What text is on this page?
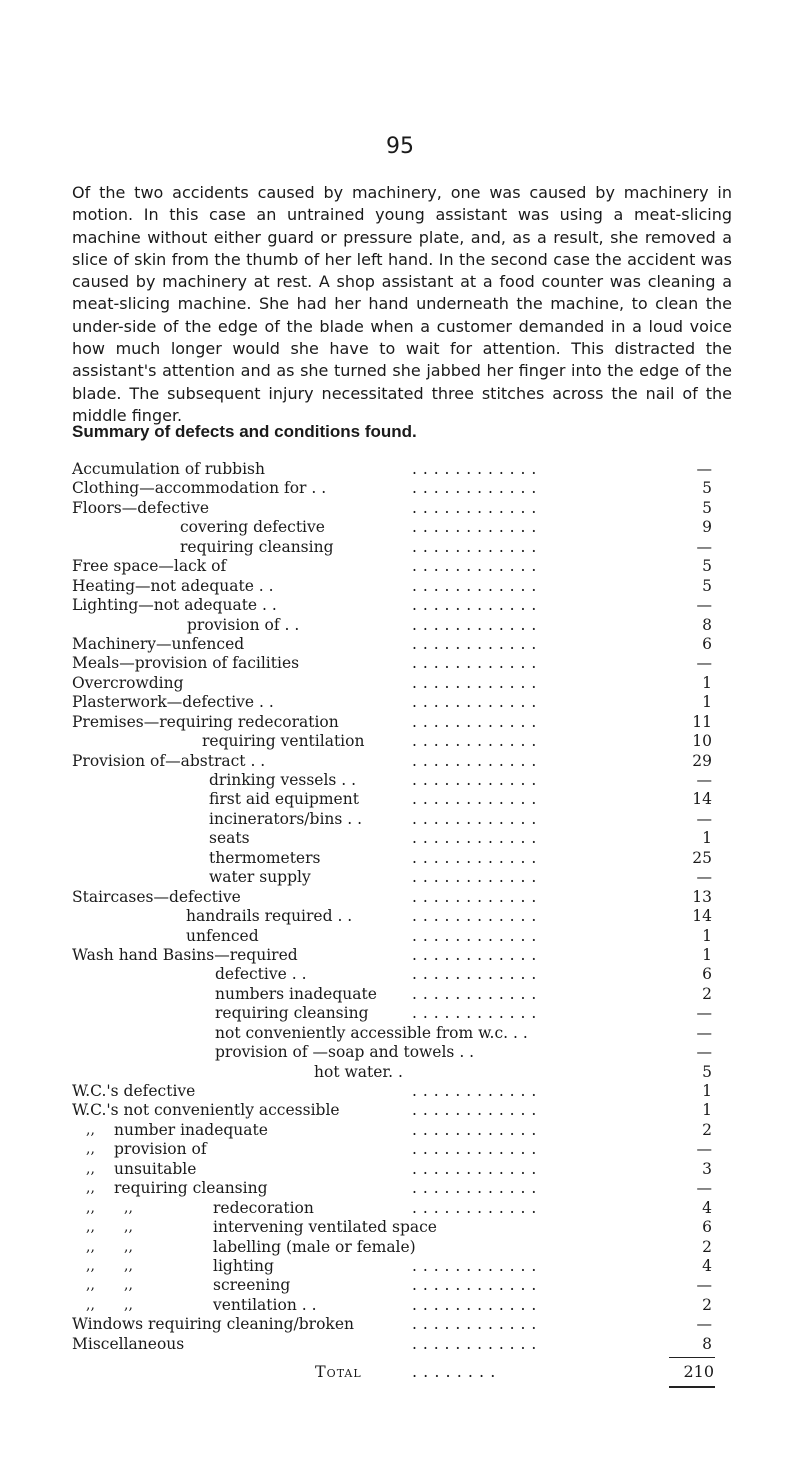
95
Of the two accidents caused by machinery, one was caused by machinery in motion. In this case an untrained young assistant was using a meat-slicing machine without either guard or pressure plate, and, as a result, she removed a slice of skin from the thumb of her left hand. In the second case the accident was caused by machinery at rest. A shop assistant at a food counter was cleaning a meat-slicing machine. She had her hand underneath the machine, to clean the under-side of the edge of the blade when a customer demanded in a loud voice how much longer would she have to wait for attention. This distracted the assistant's attention and as she turned she jabbed her finger into the edge of the blade. The subsequent injury necessitated three stitches across the nail of the middle finger.
Summary of defects and conditions found.
Accumulation of rubbish	. . . . . . . . . . . .	—
Clothing—accommodation for . .	. . . . . . . . . . . .	5
Floors—defective	. . . . . . . . . . . .	5
covering defective	. . . . . . . . . . . .	9
requiring cleansing	. . . . . . . . . . . .	—
Free space—lack of	. . . . . . . . . . . .	5
Heating—not adequate . .	. . . . . . . . . . . .	5
Lighting—not adequate . .	. . . . . . . . . . . .	—
provision of . .	. . . . . . . . . . . .	8
Machinery—unfenced	. . . . . . . . . . . .	6
Meals—provision of facilities	. . . . . . . . . . . .	—
Overcrowding	. . . . . . . . . . . .	1
Plasterwork—defective . .	. . . . . . . . . . . .	1
Premises—requiring redecoration	. . . . . . . . . . . .	11
requiring ventilation	. . . . . . . . . . . .	10
Provision of—abstract . .	. . . . . . . . . . . .	29
drinking vessels . .	. . . . . . . . . . . .	—
first aid equipment	. . . . . . . . . . . .	14
incinerators/bins . .	. . . . . . . . . . . .	—
seats	. . . . . . . . . . . .	1
thermometers	. . . . . . . . . . . .	25
water supply	. . . . . . . . . . . .	—
Staircases—defective	. . . . . . . . . . . .	13
handrails required . .	. . . . . . . . . . . .	14
unfenced	. . . . . . . . . . . .	1
Wash hand Basins—required	. . . . . . . . . . . .	1
defective . .	. . . . . . . . . . . .	6
numbers inadequate . . . . . . . . . . . .	2
requiring cleansing	. . . . . . . . . . . .	—
not conveniently accessible from w.c. . .	—
provision of —soap and towels . .	—
hot water. .	5
W.C.'s defective	. . . . . . . . . . . .	1
W.C.'s not conveniently accessible	. . . . . . . . . . . .	1
,, number inadequate	. . . . . . . . . . . .	2
,, provision of	. . . . . . . . . . . .	—
,, unsuitable	. . . . . . . . . . . .	3
,, requiring cleansing	. . . . . . . . . . . .	—
,, ,,	redecoration	. . . . . . . . . . . .	4
,, ,,	intervening ventilated space	6
,, ,,	labelling (male or female)	2
,, ,,	lighting	. . . . . . . . . . . .	4
,, ,,	screening	. . . . . . . . . . . .	—
,, ,,	ventilation . .	. . . . . . . . . . . .	2
Windows requiring cleaning/broken	. . . . . . . . . . . .	—
Miscellaneous	. . . . . . . . . . . .	8
Total	. . . . . . . .	210
